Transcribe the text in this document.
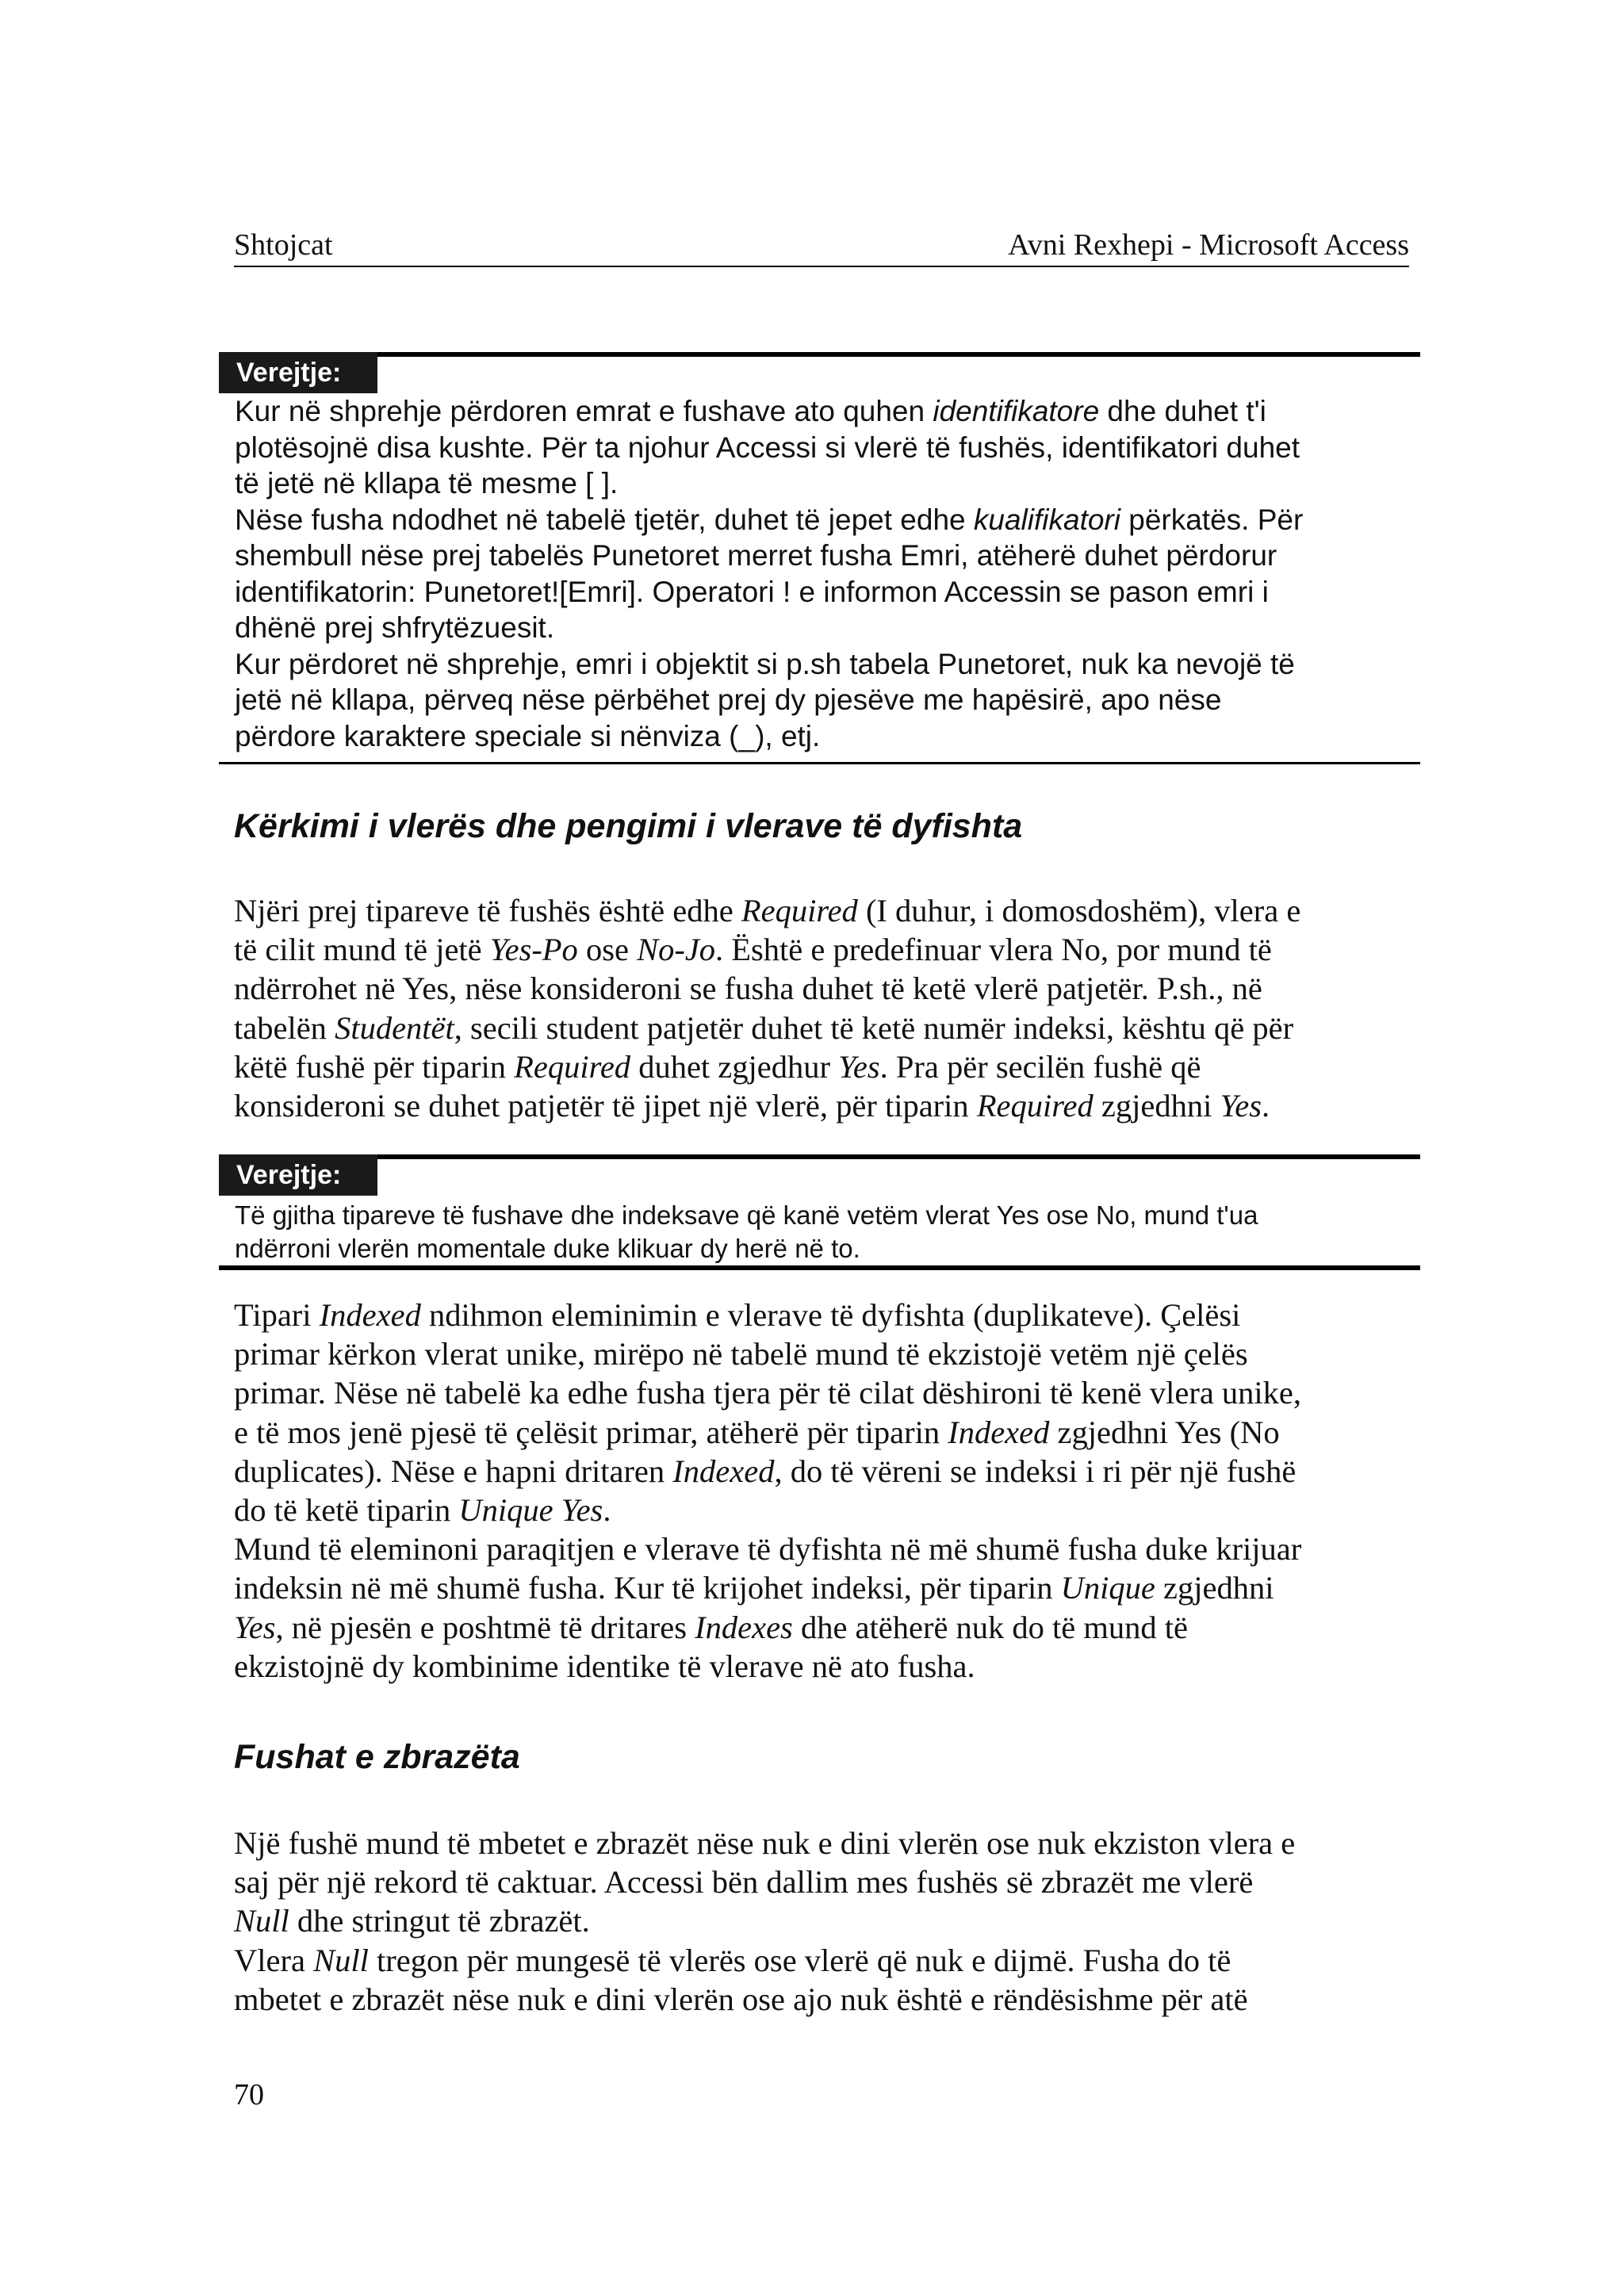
Shtojcat	Avni Rexhepi - Microsoft Access
Verejtje:

Kur në shprehje përdoren emrat e fushave ato quhen identifikatore dhe duhet t'i

plotësojnë disa kushte. Për ta njohur Accessi si vlerë të fushës, identifikatori duhet

të jetë në kllapa të mesme [ ].

Nëse fusha ndodhet në tabelë tjetër, duhet të jepet edhe kualifikatori përkatës. Për

shembull nëse prej tabelës Punetoret merret fusha Emri, atëherë duhet përdorur

identifikatorin: Punetoret![Emri]. Operatori ! e informon Accessin se pason emri i

dhënë prej shfrytëzuesit.

Kur përdoret në shprehje, emri i objektit si p.sh tabela Punetoret, nuk ka nevojë të

jetë në kllapa, përveq nëse përbëhet prej dy pjesëve me hapësirë, apo nëse

përdore karaktere speciale si nënviza (_), etj.

Kërkimi i vlerës dhe pengimi i vlerave të dyfishta

Njëri prej tipareve të fushës është edhe Required (I duhur, i domosdoshëm), vlera e

të cilit mund të jetë Yes-Po ose No-Jo. Është e predefinuar vlera No, por mund të

ndërrohet në Yes, nëse konsideroni se fusha duhet të ketë vlerë patjetër. P.sh., në

tabelën Studentët, secili student patjetër duhet të ketë numër indeksi, kështu që për

këtë fushë për tiparin Required duhet zgjedhur Yes. Pra për secilën fushë që

konsideroni se duhet patjetër të jipet një vlerë, për tiparin Required zgjedhni Yes.

Verejtje:

Të gjitha tipareve të fushave dhe indeksave që kanë vetëm vlerat Yes ose No, mund t'ua

ndërroni vlerën momentale duke klikuar dy herë në to.

Tipari Indexed ndihmon eleminimin e vlerave të dyfishta (duplikateve). Çelësi

primar kërkon vlerat unike, mirëpo në tabelë mund të ekzistojë vetëm një çelës

primar. Nëse në tabelë ka edhe fusha tjera për të cilat dëshironi të kenë vlera unike,

e të mos jenë pjesë të çelësit primar, atëherë për tiparin Indexed zgjedhni Yes (No

duplicates). Nëse e hapni dritaren Indexed, do të vëreni se indeksi i ri për një fushë

do të ketë tiparin Unique Yes.

Mund të eleminoni paraqitjen e vlerave të dyfishta në më shumë fusha duke krijuar

indeksin në më shumë fusha. Kur të krijohet indeksi, për tiparin Unique zgjedhni

Yes, në pjesën e poshtmë të dritares Indexes dhe atëherë nuk do të mund të

ekzistojnë dy kombinime identike të vlerave në ato fusha.

Fushat e zbrazëta

Një fushë mund të mbetet e zbrazët nëse nuk e dini vlerën ose nuk ekziston vlera e

saj për një rekord të caktuar. Accessi bën dallim mes fushës së zbrazët me vlerë

Null dhe stringut të zbrazët.

Vlera Null tregon për mungesë të vlerës ose vlerë që nuk e dijmë. Fusha do të

mbetet e zbrazët nëse nuk e dini vlerën ose ajo nuk është e rëndësishme për atë

70
